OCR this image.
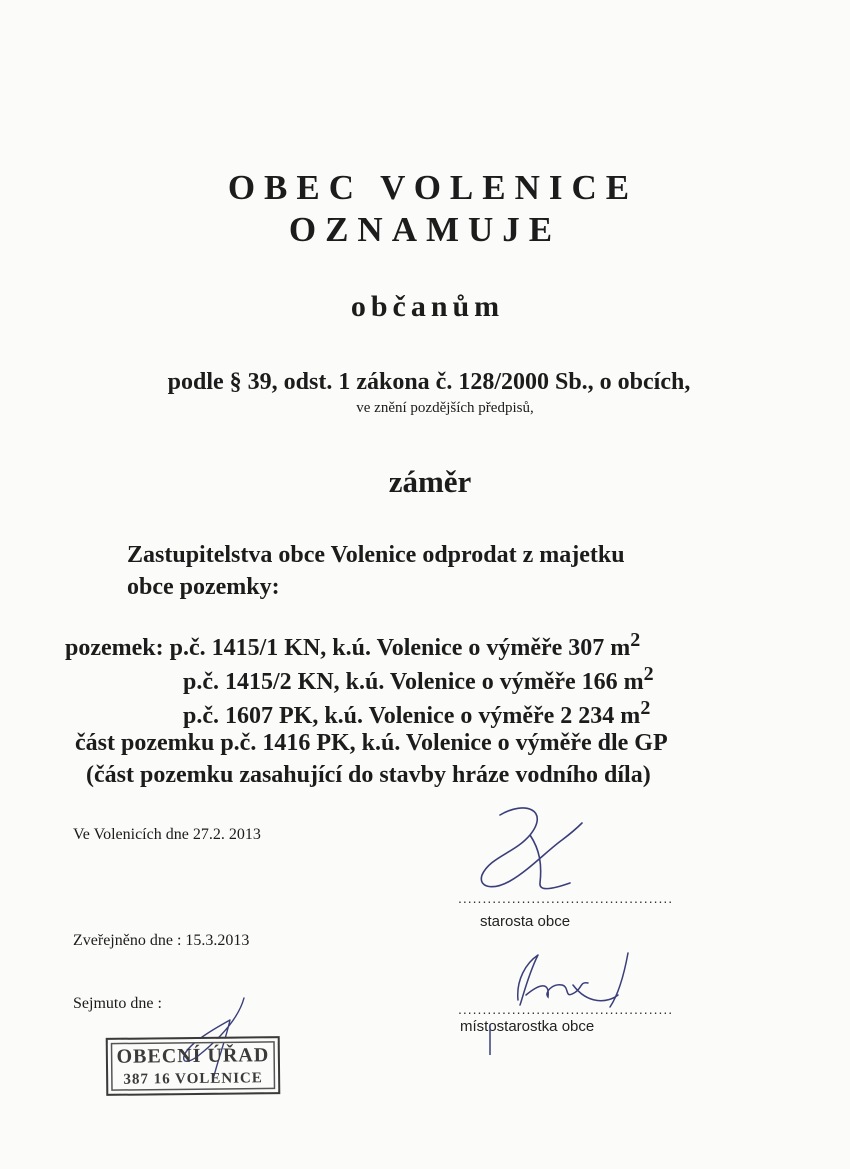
OBEC VOLENICE
OZNAMUJE
občanům
podle § 39, odst. 1 zákona č. 128/2000 Sb., o obcích,
ve znění pozdějších předpisů,
záměr
Zastupitelstva obce Volenice odprodat z majetku
obce pozemky:
pozemek: p.č. 1415/1 KN, k.ú. Volenice o výměře 307 $m^2$
p.č. 1415/2 KN, k.ú. Volenice o výměře 166 $m^2$
p.č. 1607 PK, k.ú. Volenice o výměře 2 234 $m^2$
část pozemku p.č. 1416 PK, k.ú. Volenice o výměře dle GP
(část pozemku zasahující do stavby hráze vodního díla)
Ve Volenicích dne 27.2. 2013
Zveřejněno dne : 15.3.2013
Sejmuto dne :
............................................
starosta obce
............................................
místostarostka obce
OBECNÍ ÚŘAD
387 16 VOLENICE
